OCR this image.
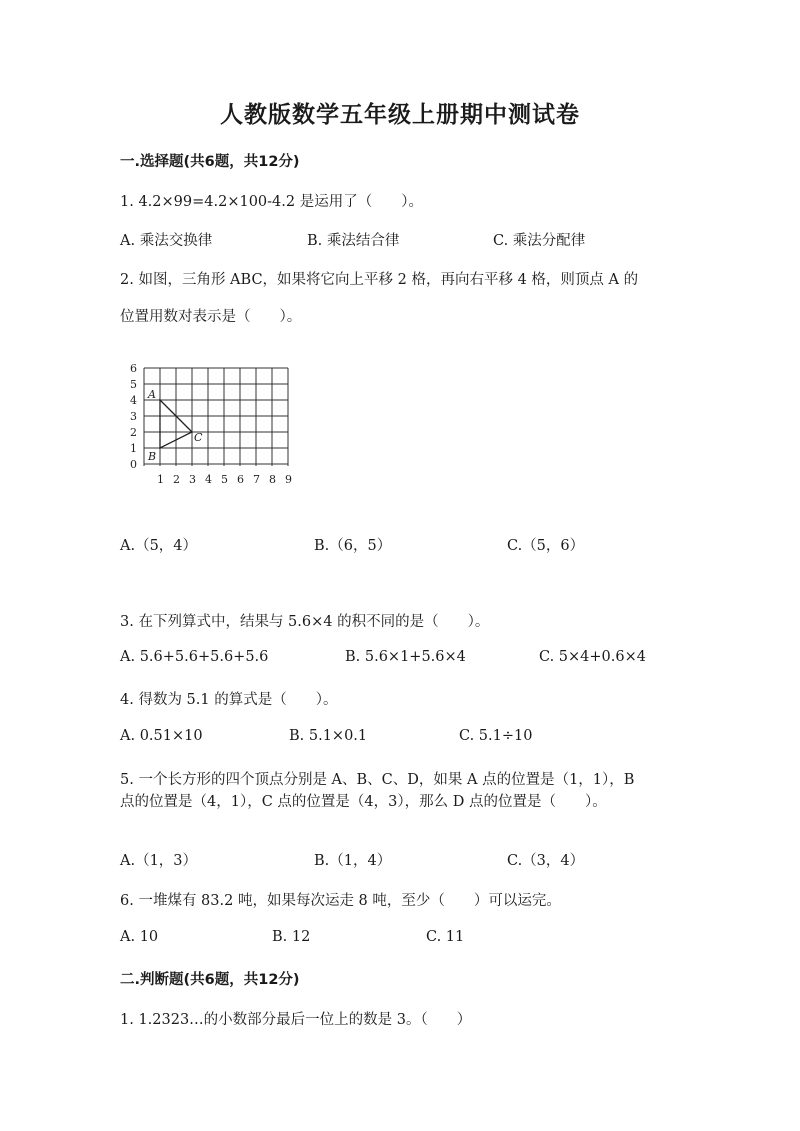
人教版数学五年级上册期中测试卷
一.选择题(共6题，共12分)
1. 4.2×99=4.2×100-4.2 是运用了（　　）。
A. 乘法交换律	B. 乘法结合律	C. 乘法分配律
2. 如图，三角形 ABC，如果将它向上平移 2 格，再向右平移 4 格，则顶点 A 的
位置用数对表示是（　　）。
6
5
4
3
2
1
0
1 2 3 4 5 6 7 8 9
A
B
C
A.（5，4）	B.（6，5）	C.（5，6）
3. 在下列算式中，结果与 5.6×4 的积不同的是（　　）。
A. 5.6+5.6+5.6+5.6	B. 5.6×1+5.6×4	C. 5×4+0.6×4
4. 得数为 5.1 的算式是（　　）。
A. 0.51×10	B. 5.1×0.1	C. 5.1÷10
5. 一个长方形的四个顶点分别是 A、B、C、D，如果 A 点的位置是（1，1），B
点的位置是（4，1），C 点的位置是（4，3），那么 D 点的位置是（　　）。
A.（1，3）	B.（1，4）	C.（3，4）
6. 一堆煤有 83.2 吨，如果每次运走 8 吨，至少（　　）可以运完。
A. 10	B. 12	C. 11
二.判断题(共6题，共12分)
1. 1.2323…的小数部分最后一位上的数是 3。（　　）
